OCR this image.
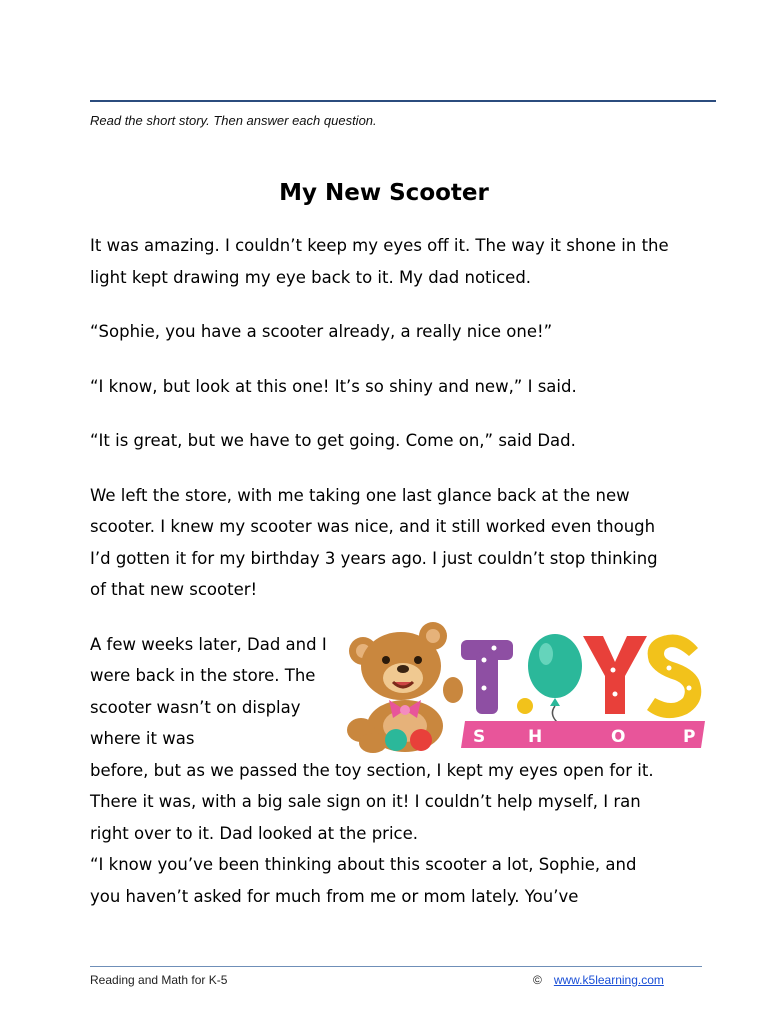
Read the short story. Then answer each question.
My New Scooter

It was amazing. I couldn’t keep my eyes off it. The way it shone in the light kept drawing my eye back to it. My dad noticed.

“Sophie, you have a scooter already, a really nice one!”

“I know, but look at this one! It’s so shiny and new,” I said.

“It is great, but we have to get going. Come on,” said Dad.

We left the store, with me taking one last glance back at the new scooter. I knew my scooter was nice, and it still worked even though I’d gotten it for my birthday 3 years ago. I just couldn’t stop thinking of that new scooter!

A few weeks later, Dad and I were back in the store. The scooter wasn’t on display where it was
before, but as we passed the toy section, I kept my eyes open for it. There it was, with a big sale sign on it! I couldn’t help myself, I ran right over to it. Dad looked at the price.

“I know you’ve been thinking about this scooter a lot, Sophie, and you haven’t asked for much from me or mom lately. You’ve

S	H	O	P
Reading and Math for K-5	© www.k5learning.com
